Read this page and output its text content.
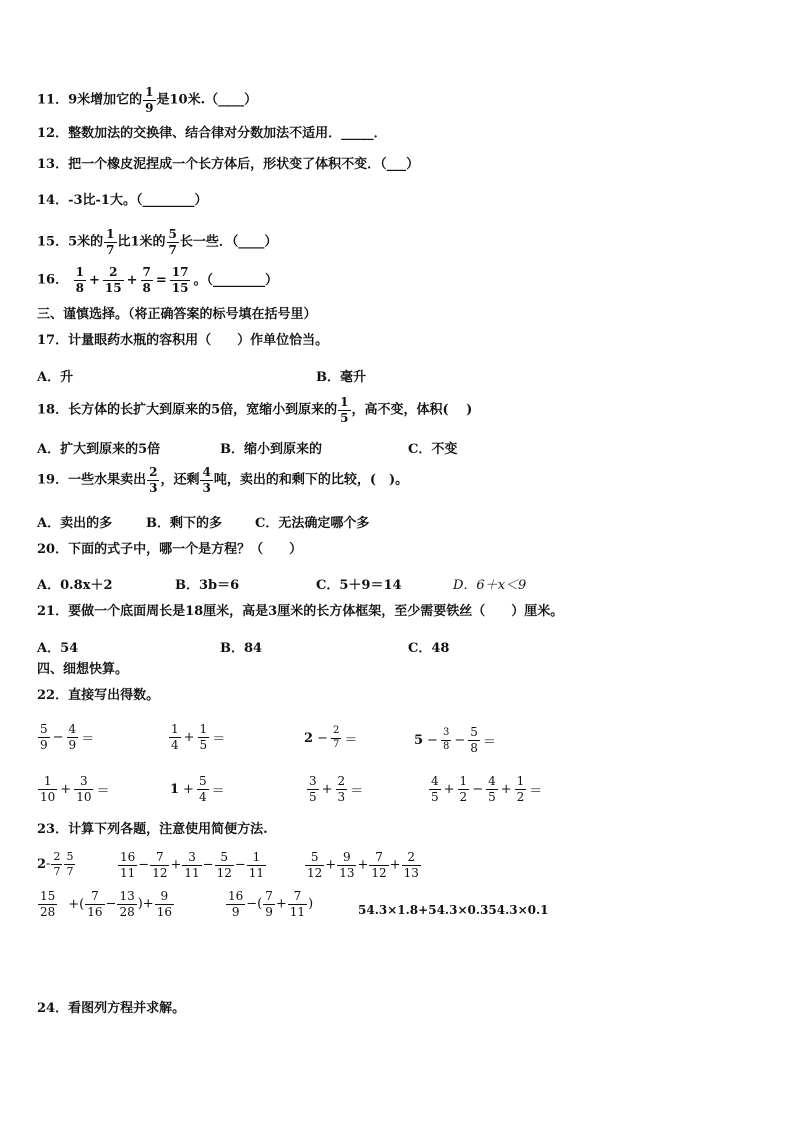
11．9米增加它的 $\frac{1}{9}$ 是10米.（____）
12．整数加法的交换律、结合律对分数加法不适用．_____．
13．把一个橡皮泥捏成一个长方体后，形状变了体积不变．（___）
14．-3比-1大。（________）
15．5米的 $\frac{1}{7}$ 比1米的 $\frac{5}{7}$ 长一些．（____）
16． $\frac{1}{8} + \frac{2}{15} + \frac{7}{8} = \frac{17}{15}$ 。（________）
三、谨慎选择。（将正确答案的标号填在括号里）
17．计量眼药水瓶的容积用（　　）作单位恰当。
A．升	B．毫升
18．长方体的长扩大到原来的5倍，宽缩小到原来的 $\frac{1}{5}$ ，高不变，体积(　 )
A．扩大到原来的5倍	B．缩小到原来的	C．不变
19．一些水果卖出 $\frac{2}{3}$ ，还剩 $\frac{4}{3}$ 吨，卖出的和剩下的比较，(　)。
A．卖出的多	B．剩下的多	C．无法确定哪个多
20．下面的式子中，哪一个是方程？（　　）
A．0.8x＋2	B．3b＝6	C．5＋9＝14	D．6＋x＜9
21．要做一个底面周长是18厘米，高是3厘米的长方体框架，至少需要铁丝（　　）厘米。
A．54	B．84	C．48
四、细想快算。
22．直接写出得数。
$\frac{5}{9} - \frac{4}{9}$ ＝	$\frac{1}{4} + \frac{1}{5}$ ＝	$2 - \frac{2}{7}$ ＝	$5 - \frac{3}{8} - \frac{5}{8}$ ＝
$\frac{1}{10} + \frac{3}{10}$ ＝	$1 + \frac{5}{4}$ ＝	$\frac{3}{5} + \frac{2}{3}$ ＝	$\frac{4}{5} + \frac{1}{2} - \frac{4}{5} + \frac{1}{2}$ ＝
23．计算下列各题，注意使用简便方法.
$2- \frac{2}{7} \frac{5}{7}$	$\frac{16}{11} - \frac{7}{12} + \frac{3}{11} - \frac{5}{12} - \frac{1}{11}$	$\frac{5}{12} + \frac{9}{13} + \frac{7}{12} + \frac{2}{13}$
$\frac{15}{28}$ +( $\frac{7}{16} - \frac{13}{28}$ )+ $\frac{9}{16}$	$\frac{16}{9}$ −( $\frac{7}{9} + \frac{7}{11}$ )	54.3×1.8+54.3×0.354.3×0.1
24．看图列方程并求解。
